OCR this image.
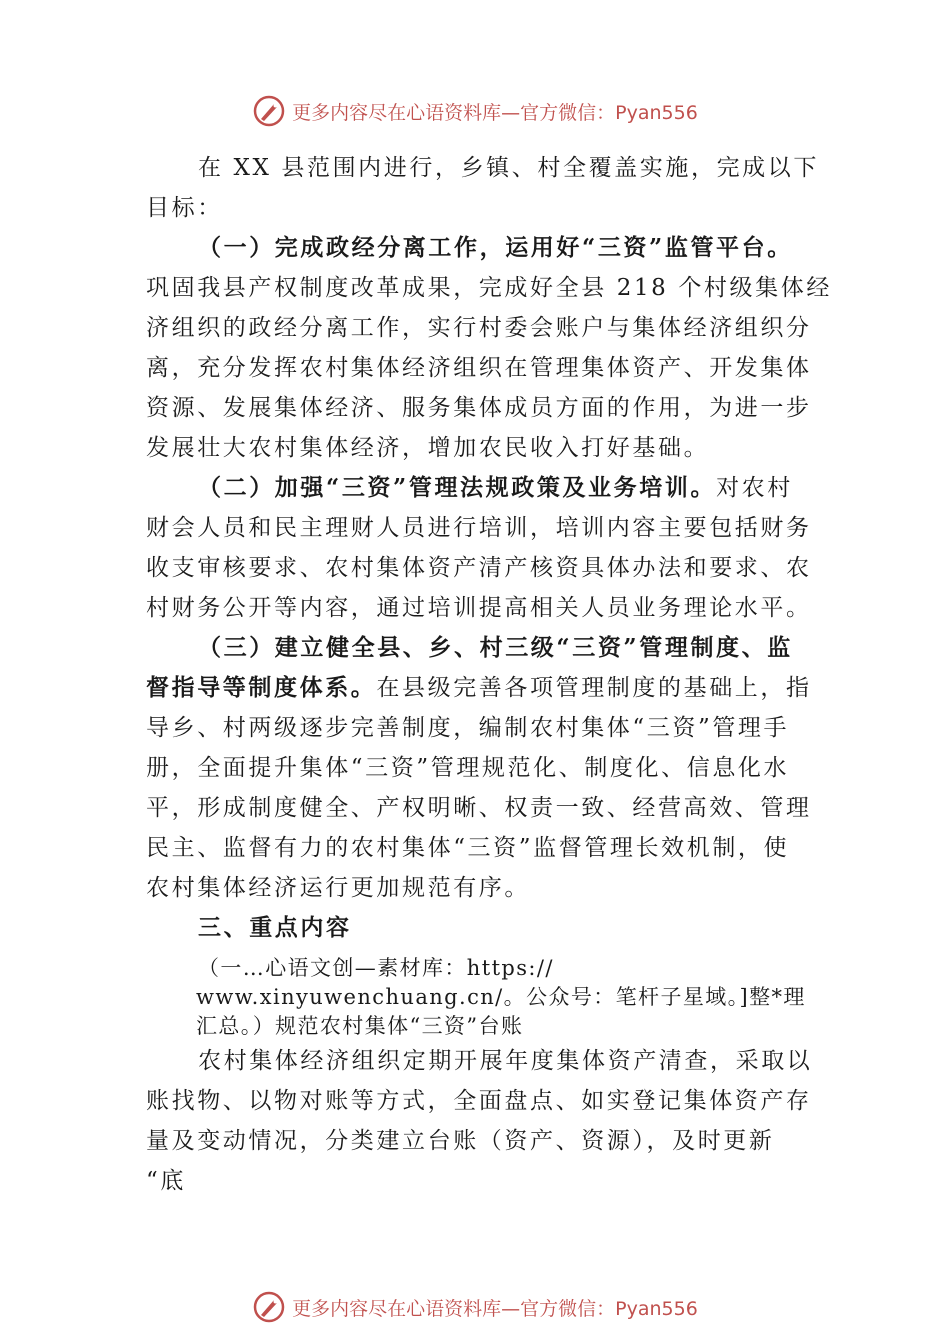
更多内容尽在心语资料库 —官方微信：Pyan556
在 XX 县范围内进行，乡镇、村全覆盖实施，完成以下
目标：
（一）完成政经分离工作，运用好“三资”监管平台。
巩固我县产权制度改革成果，完成好全县 218 个村级集体经
济组织的政经分离工作，实行村委会账户与集体经济组织分
离，充分发挥农村集体经济组织在管理集体资产、开发集体
资源、发展集体经济、服务集体成员方面的作用，为进一步
发展壮大农村集体经济，增加农民收入打好基础。
（二）加强“三资”管理法规政策及业务培训。对农村
财会人员和民主理财人员进行培训，培训内容主要包括财务
收支审核要求、农村集体资产清产核资具体办法和要求、农
村财务公开等内容，通过培训提高相关人员业务理论水平。
（三）建立健全县、乡、村三级“三资”管理制度、监
督指导等制度体系。在县级完善各项管理制度的基础上，指
导乡、村两级逐步完善制度，编制农村集体“三资”管理手
册，全面提升集体“三资”管理规范化、制度化、信息化水
平，形成制度健全、产权明晰、权责一致、经营高效、管理
民主、监督有力的农村集体“三资”监督管理长效机制，使
农村集体经济运行更加规范有序。
三、重点内容
（一…心语文创—素材库：https://
www.xinyuwenchuang.cn/。公众号：笔杆子星域。]整*理
汇总。）规范农村集体“三资”台账
农村集体经济组织定期开展年度集体资产清查，采取以
账找物、以物对账等方式，全面盘点、如实登记集体资产存
量及变动情况，分类建立台账（资产、资源），及时更新
“底
更多内容尽在心语资料库 —官方微信：Pyan556
